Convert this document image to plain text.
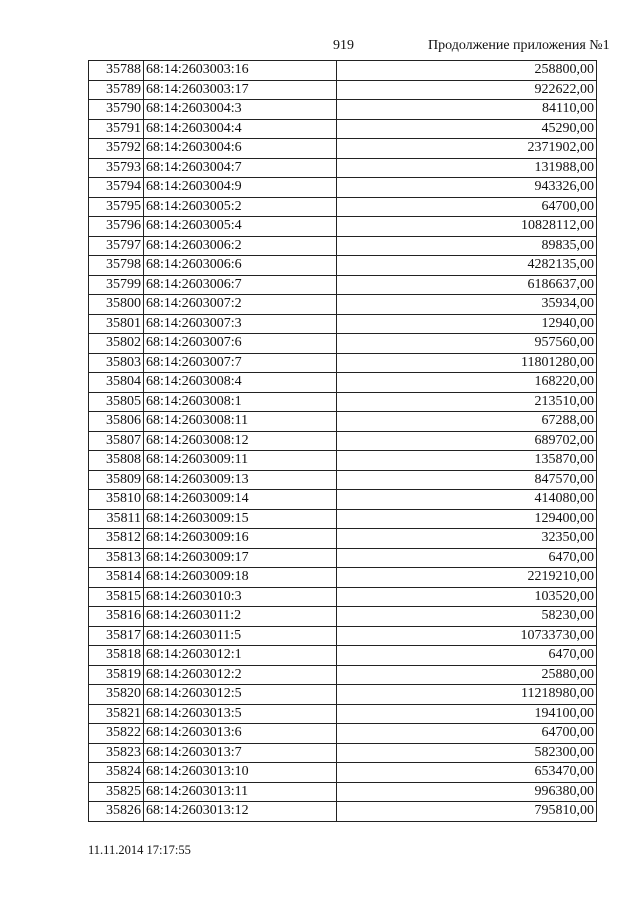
919	Продолжение приложения №1
35788	68:14:2603003:16	258800,00
35789	68:14:2603003:17	922622,00
35790	68:14:2603004:3	84110,00
35791	68:14:2603004:4	45290,00
35792	68:14:2603004:6	2371902,00
35793	68:14:2603004:7	131988,00
35794	68:14:2603004:9	943326,00
35795	68:14:2603005:2	64700,00
35796	68:14:2603005:4	10828112,00
35797	68:14:2603006:2	89835,00
35798	68:14:2603006:6	4282135,00
35799	68:14:2603006:7	6186637,00
35800	68:14:2603007:2	35934,00
35801	68:14:2603007:3	12940,00
35802	68:14:2603007:6	957560,00
35803	68:14:2603007:7	11801280,00
35804	68:14:2603008:4	168220,00
35805	68:14:2603008:1	213510,00
35806	68:14:2603008:11	67288,00
35807	68:14:2603008:12	689702,00
35808	68:14:2603009:11	135870,00
35809	68:14:2603009:13	847570,00
35810	68:14:2603009:14	414080,00
35811	68:14:2603009:15	129400,00
35812	68:14:2603009:16	32350,00
35813	68:14:2603009:17	6470,00
35814	68:14:2603009:18	2219210,00
35815	68:14:2603010:3	103520,00
35816	68:14:2603011:2	58230,00
35817	68:14:2603011:5	10733730,00
35818	68:14:2603012:1	6470,00
35819	68:14:2603012:2	25880,00
35820	68:14:2603012:5	11218980,00
35821	68:14:2603013:5	194100,00
35822	68:14:2603013:6	64700,00
35823	68:14:2603013:7	582300,00
35824	68:14:2603013:10	653470,00
35825	68:14:2603013:11	996380,00
35826	68:14:2603013:12	795810,00
11.11.2014 17:17:55
